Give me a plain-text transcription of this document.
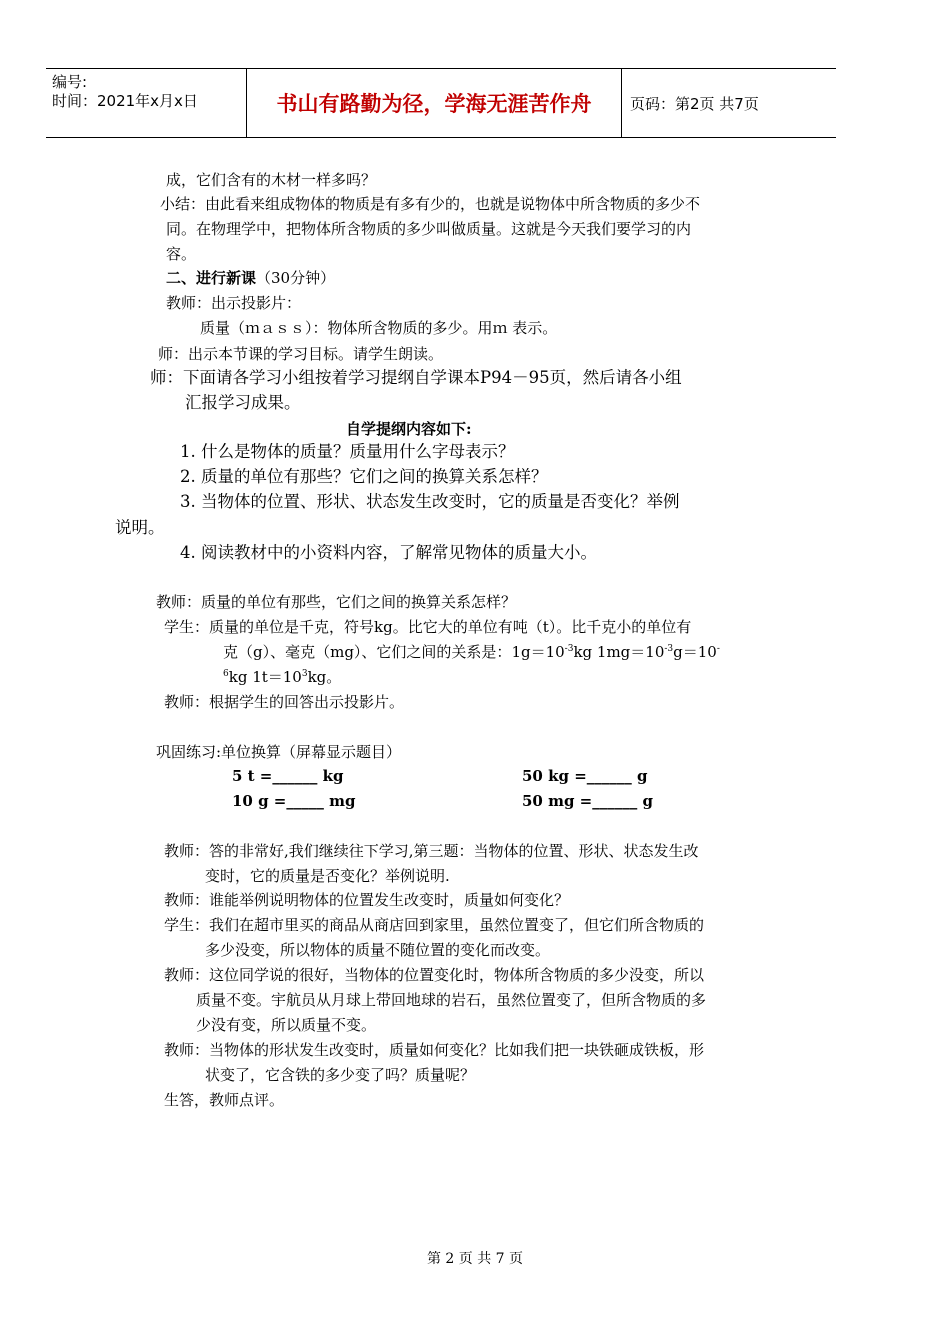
编号:
时间：2021年x月x日	书山有路勤为径，学海无涯苦作舟	页码：第2页 共7页
成，它们含有的木材一样多吗？
小结：由此看来组成物体的物质是有多有少的，也就是说物体中所含物质的多少不
同。在物理学中，把物体所含物质的多少叫做质量。这就是今天我们要学习的内
容。
二、进行新课（30分钟）
教师：出示投影片：
质量（ｍａｓｓ）：物体所含物质的多少。用ｍ 表示。
师：出示本节课的学习目标。请学生朗读。
师：下面请各学习小组按着学习提纲自学课本P94－95页，然后请各小组
汇报学习成果。
自学提纲内容如下:
1. 什么是物体的质量？质量用什么字母表示？
2. 质量的单位有那些？它们之间的换算关系怎样？
3. 当物体的位置、形状、状态发生改变时，它的质量是否变化？举例
说明。
4. 阅读教材中的小资料内容，了解常见物体的质量大小。
教师：质量的单位有那些，它们之间的换算关系怎样？
学生：质量的单位是千克，符号kg。比它大的单位有吨（t）。比千克小的单位有
克（g）、毫克（mg）、它们之间的关系是：$1g=10^{-3}kg$ $1mg=10^{-3}g=10^-$
$^6$kg $1t=10^3kg$。
教师：根据学生的回答出示投影片。
巩固练习:单位换算（屏幕显示题目）
5 t =______ kg	50 kg =______ g
10 g =_____ mg	50 mg =______ g
教师：答的非常好,我们继续往下学习,第三题：当物体的位置、形状、状态发生改
变时，它的质量是否变化？举例说明.
教师：谁能举例说明物体的位置发生改变时，质量如何变化？
学生：我们在超市里买的商品从商店回到家里，虽然位置变了，但它们所含物质的
多少没变，所以物体的质量不随位置的变化而改变。
教师：这位同学说的很好，当物体的位置变化时，物体所含物质的多少没变，所以
质量不变。宇航员从月球上带回地球的岩石，虽然位置变了，但所含物质的多
少没有变，所以质量不变。
教师：当物体的形状发生改变时，质量如何变化？比如我们把一块铁砸成铁板，形
状变了，它含铁的多少变了吗？质量呢？
生答，教师点评。
第 2 页 共 7 页
